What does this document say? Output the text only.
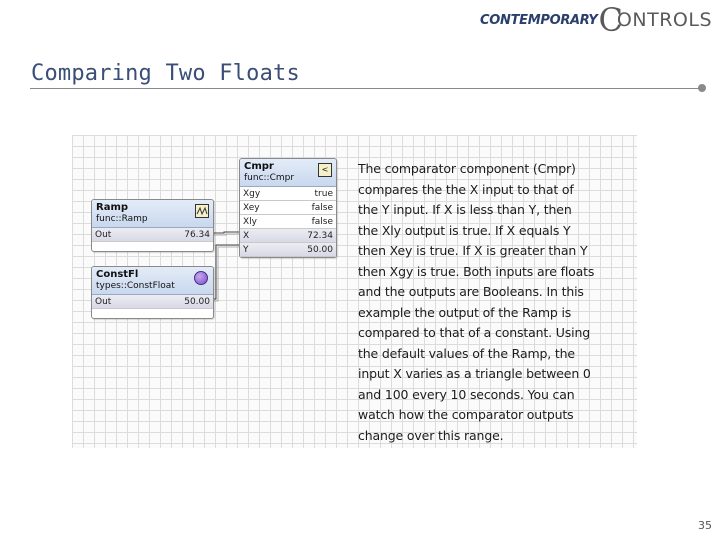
CONTEMPORARY C
ONTROLS
Comparing Two Floats
Ramp
func::Ramp
Out	76.34
ConstFl
types::ConstFloat
Out	50.00
Cmpr
func::Cmpr
<
Xgy	true
Xey	false
Xly	false
X	72.34
Y	50.00
The comparator component (Cmpr)
compares the the X input to that of
the Y input. If X is less than Y, then
the Xly output is true. If X equals Y
then Xey is true. If X is greater than Y
then Xgy is true. Both inputs are floats
and the outputs are Booleans. In this
example the output of the Ramp is
compared to that of a constant. Using
the default values of the Ramp, the
input X varies as a triangle between 0
and 100 every 10 seconds. You can
watch how the comparator outputs
change over this range.
35
